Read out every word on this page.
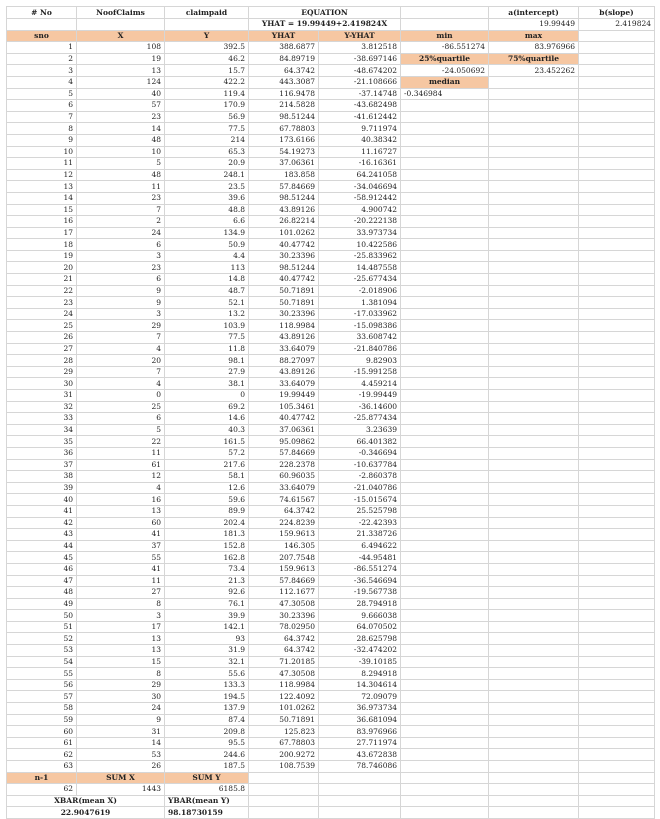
# No	NoofClaims	claimpaid	EQUATION			a(intercept)	b(slope)
			YHAT = 19.99449+2.419824X			19.99449	2.419824
sno	X	Y	YHAT	Y-YHAT	min	max	
1	108	392.5	388.6877	3.812518	-86.551274	83.976966	
2	19	46.2	84.89719	-38.697146	25%quartile	75%quartile	
3	13	15.7	64.3742	-48.674202	-24.050692	23.452262	
4	124	422.2	443.3087	-21.108666	median		
5	40	119.4	116.9478	-37.14748	-0.346984		
6	57	170.9	214.5828	-43.682498			
7	23	56.9	98.51244	-41.612442			
8	14	77.5	67.78803	9.711974			
9	48	214	173.6166	40.38342			
10	10	65.3	54.19273	11.16727			
11	5	20.9	37.06361	-16.16361			
12	48	248.1	183.858	64.241058			
13	11	23.5	57.84669	-34.046694			
14	23	39.6	98.51244	-58.912442			
15	7	48.8	43.89126	4.900742			
16	2	6.6	26.82214	-20.222138			
17	24	134.9	101.0262	33.973734			
18	6	50.9	40.47742	10.422586			
19	3	4.4	30.23396	-25.833962			
20	23	113	98.51244	14.487558			
21	6	14.8	40.47742	-25.677434			
22	9	48.7	50.71891	-2.018906			
23	9	52.1	50.71891	1.381094			
24	3	13.2	30.23396	-17.033962			
25	29	103.9	118.9984	-15.098386			
26	7	77.5	43.89126	33.608742			
27	4	11.8	33.64079	-21.840786			
28	20	98.1	88.27097	9.82903			
29	7	27.9	43.89126	-15.991258			
30	4	38.1	33.64079	4.459214			
31	0	0	19.99449	-19.99449			
32	25	69.2	105.3461	-36.14600			
33	6	14.6	40.47742	-25.877434			
34	5	40.3	37.06361	3.23639			
35	22	161.5	95.09862	66.401382			
36	11	57.2	57.84669	-0.346694			
37	61	217.6	228.2378	-10.637784			
38	12	58.1	60.96035	-2.860378			
39	4	12.6	33.64079	-21.040786			
40	16	59.6	74.61567	-15.015674			
41	13	89.9	64.3742	25.525798			
42	60	202.4	224.8239	-22.42393			
43	41	181.3	159.9613	21.338726			
44	37	152.8	146.305	6.494622			
45	55	162.8	207.7548	-44.95481			
46	41	73.4	159.9613	-86.551274			
47	11	21.3	57.84669	-36.546694			
48	27	92.6	112.1677	-19.567738			
49	8	76.1	47.30508	28.794918			
50	3	39.9	30.23396	9.666038			
51	17	142.1	78.02950	64.070502			
52	13	93	64.3742	28.625798			
53	13	31.9	64.3742	-32.474202			
54	15	32.1	71.20185	-39.10185			
55	8	55.6	47.30508	8.294918			
56	29	133.3	118.9984	14.304614			
57	30	194.5	122.4092	72.09079			
58	24	137.9	101.0262	36.973734			
59	9	87.4	50.71891	36.681094			
60	31	209.8	125.823	83.976966			
61	14	95.5	67.78803	27.711974			
62	53	244.6	200.9272	43.672838			
63	26	187.5	108.7539	78.746086			
n-1	SUM X	SUM Y					
62	1443	6185.8					
XBAR(mean X)		YBAR(mean Y)					
22.9047619		98.18730159					
